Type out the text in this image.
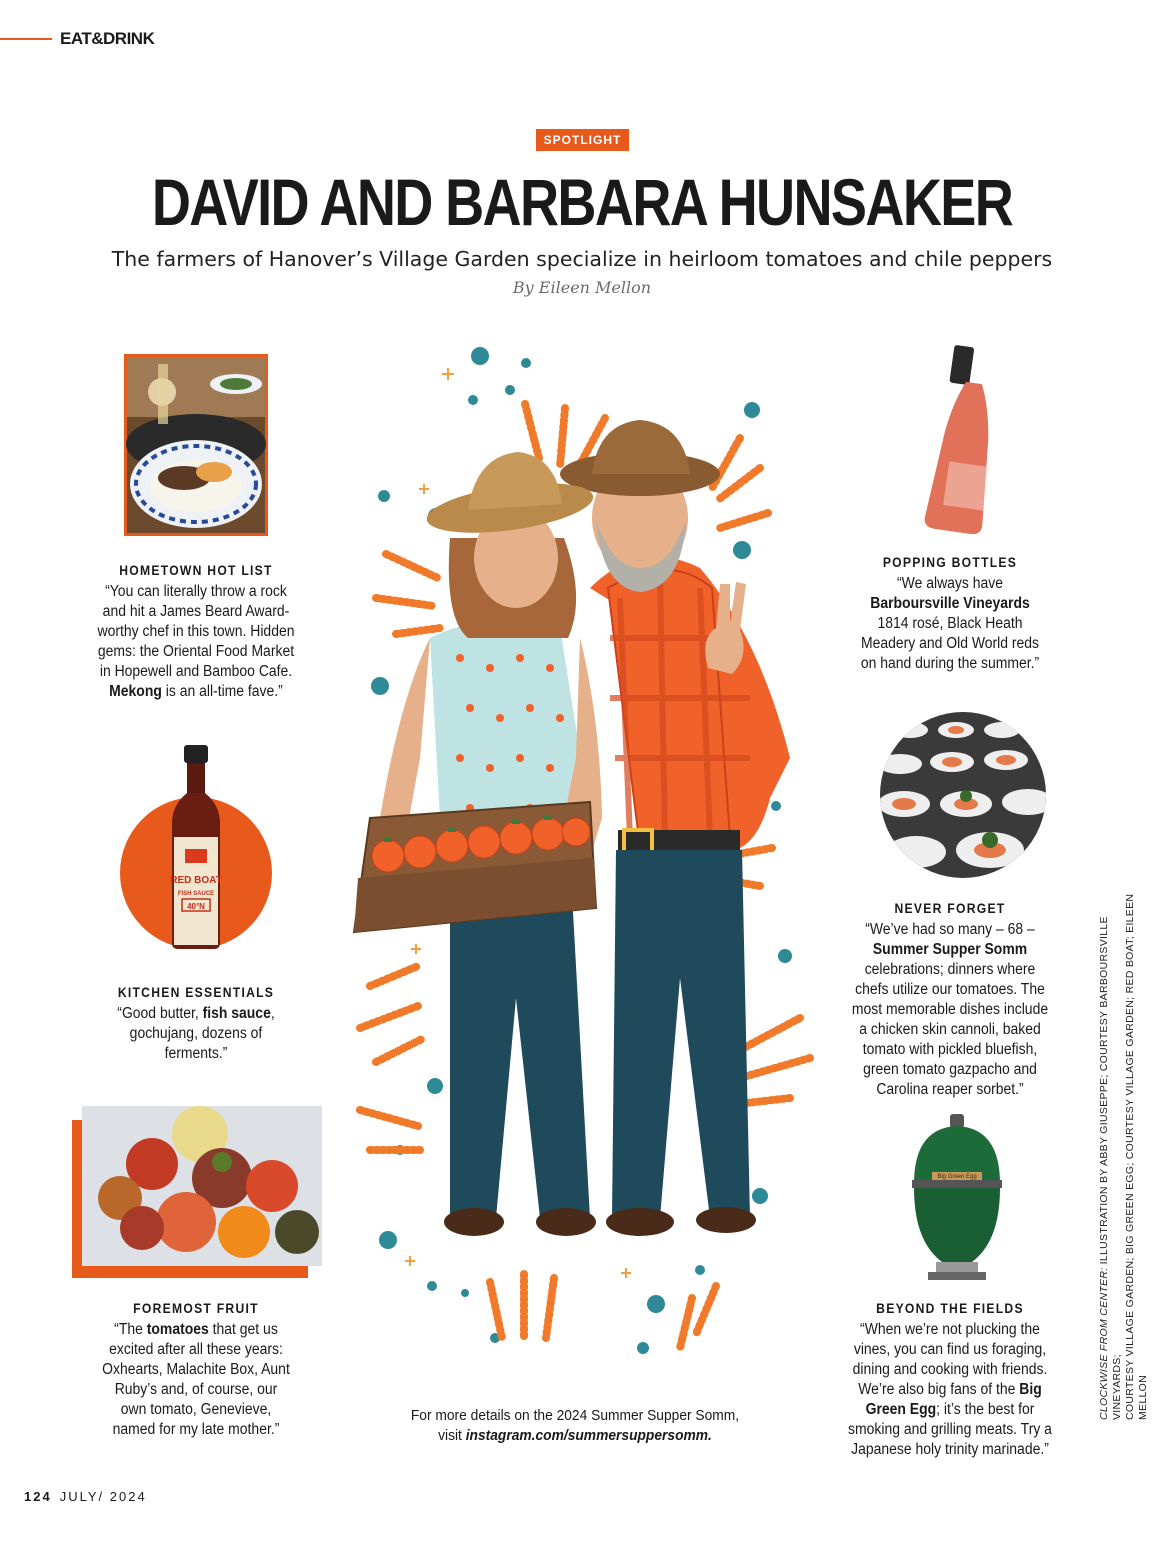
EAT&DRINK
SPOTLIGHT
DAVID AND BARBARA HUNSAKER
The farmers of Hanover’s Village Garden specialize in heirloom tomatoes and chile peppers
By Eileen Mellon
HOMETOWN HOT LIST

“You can literally throw a rock and hit a James Beard Award-worthy chef in this town. Hidden gems: the Oriental Food Market in Hopewell and Bamboo Cafe. Mekong is an all-time fave.”

RED BOAT
FISH SAUCE
40°N
KITCHEN ESSENTIALS

“Good butter, fish sauce, gochujang, dozens of ferments.”

FOREMOST FRUIT

“The tomatoes that get us excited after all these years: Oxhearts, Malachite Box, Aunt Ruby’s and, of course, our own tomato, Genevieve, named for my late mother.”

POPPING BOTTLES

“We always have Barboursville Vineyards 1814 rosé, Black Heath Meadery and Old World reds on hand during the summer.”

NEVER FORGET

“We’ve had so many – 68 – Summer Supper Somm celebrations; dinners where chefs utilize our tomatoes. The most memorable dishes include a chicken skin cannoli, baked tomato with pickled bluefish, green tomato gazpacho and Carolina reaper sorbet.”

Big Green Egg
BEYOND THE FIELDS

“When we’re not plucking the vines, you can find us foraging, dining and cooking with friends. We’re also big fans of the Big Green Egg; it’s the best for smoking and grilling meats. Try a Japanese holy trinity marinade.”

For more details on the 2024 Summer Supper Somm,
visit instagram.com/summersuppersomm.
CLOCKWISE FROM CENTER: ILLUSTRATION BY ABBY GIUSEPPE; COURTESY BARBOURSVILLE VINEYARDS; COURTESY VILLAGE GARDEN; BIG GREEN EGG; COURTESY VILLAGE GARDEN; RED BOAT; EILEEN MELLON
124 JULY/ 2024
